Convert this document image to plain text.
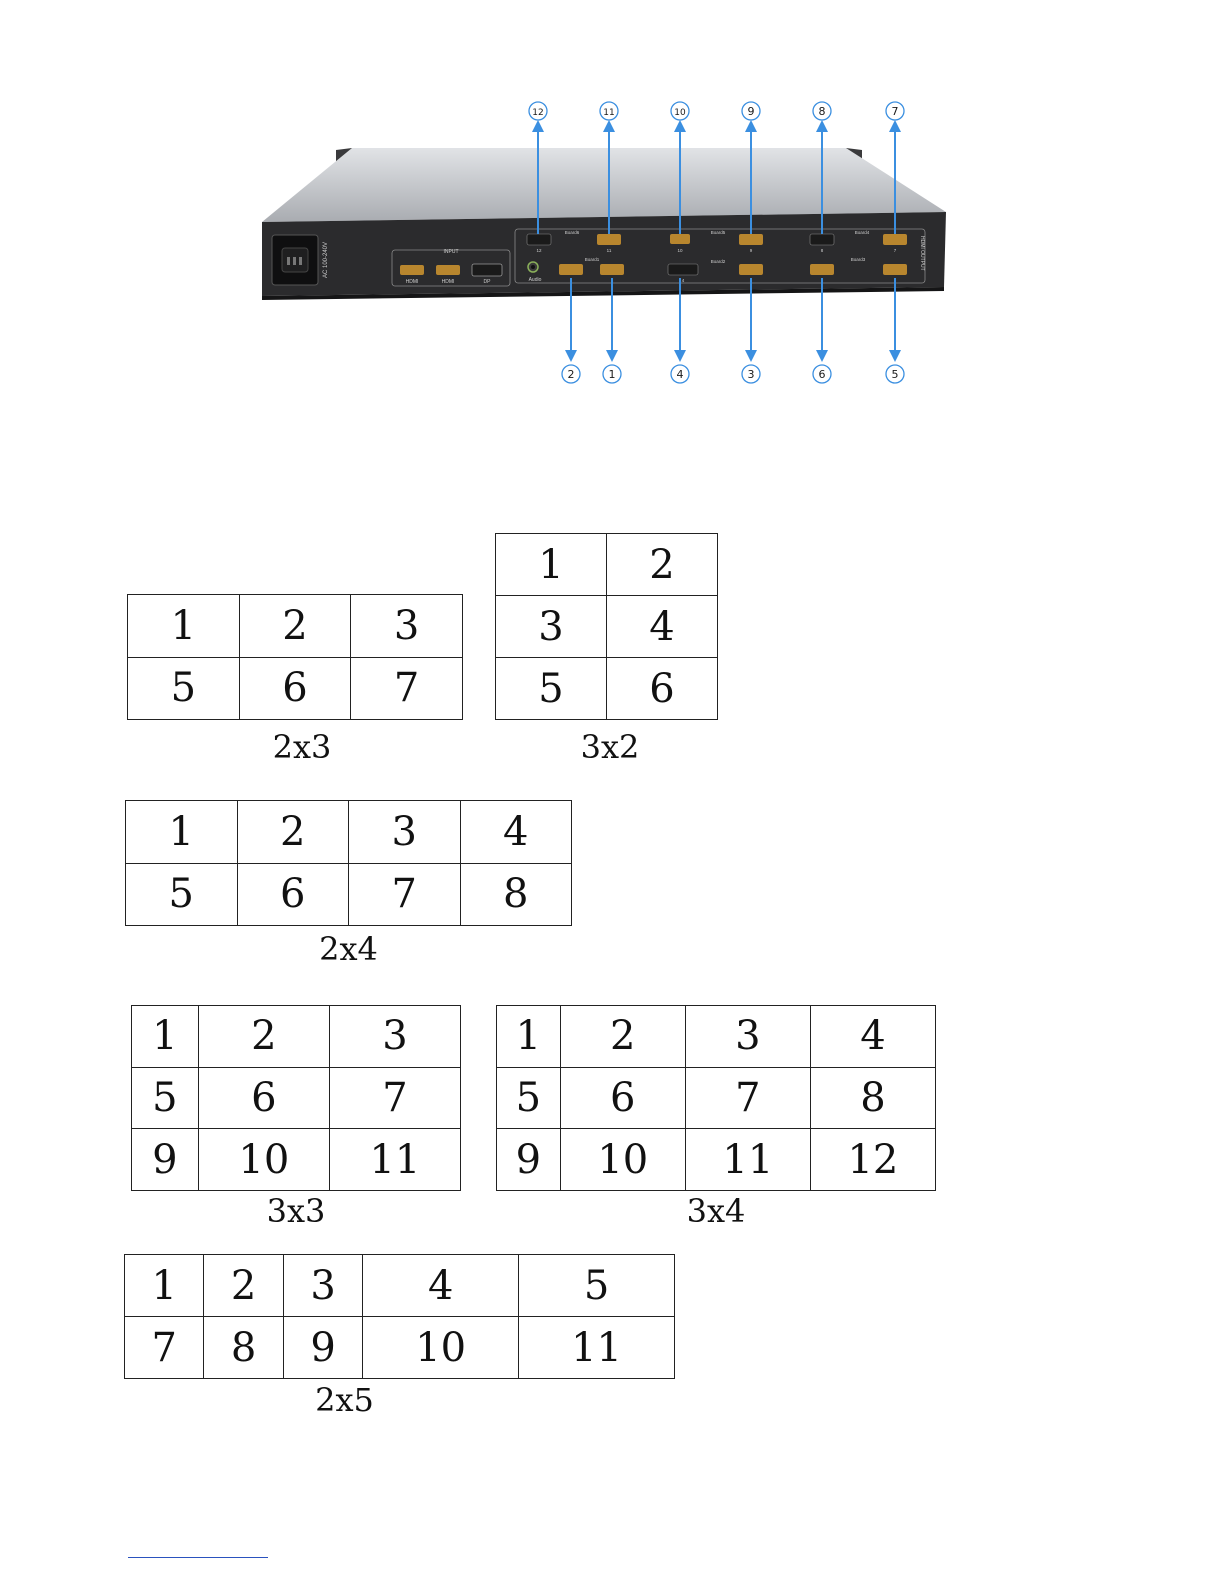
AC 100-240V	INPUT
HDMI	HDMI	DP
HDMI OUTPUT
Audio
Board6	Board5	Board4
Board1	Board2	Board3
12	11	10	9	8	7
2	1	4	3	6	5
12	11	10	9	8	7
2	1	4	3	6	5
1	2	3
5	6	7
2x3
1	2
3	4
5	6
3x2
1	2	3	4
5	6	7	8
2x4
1	2	3
5	6	7
9	10	11
3x3
1	2	3	4
5	6	7	8
9	10	11	12
3x4
1	2	3	4	5
7	8	9	10	11
2x5
